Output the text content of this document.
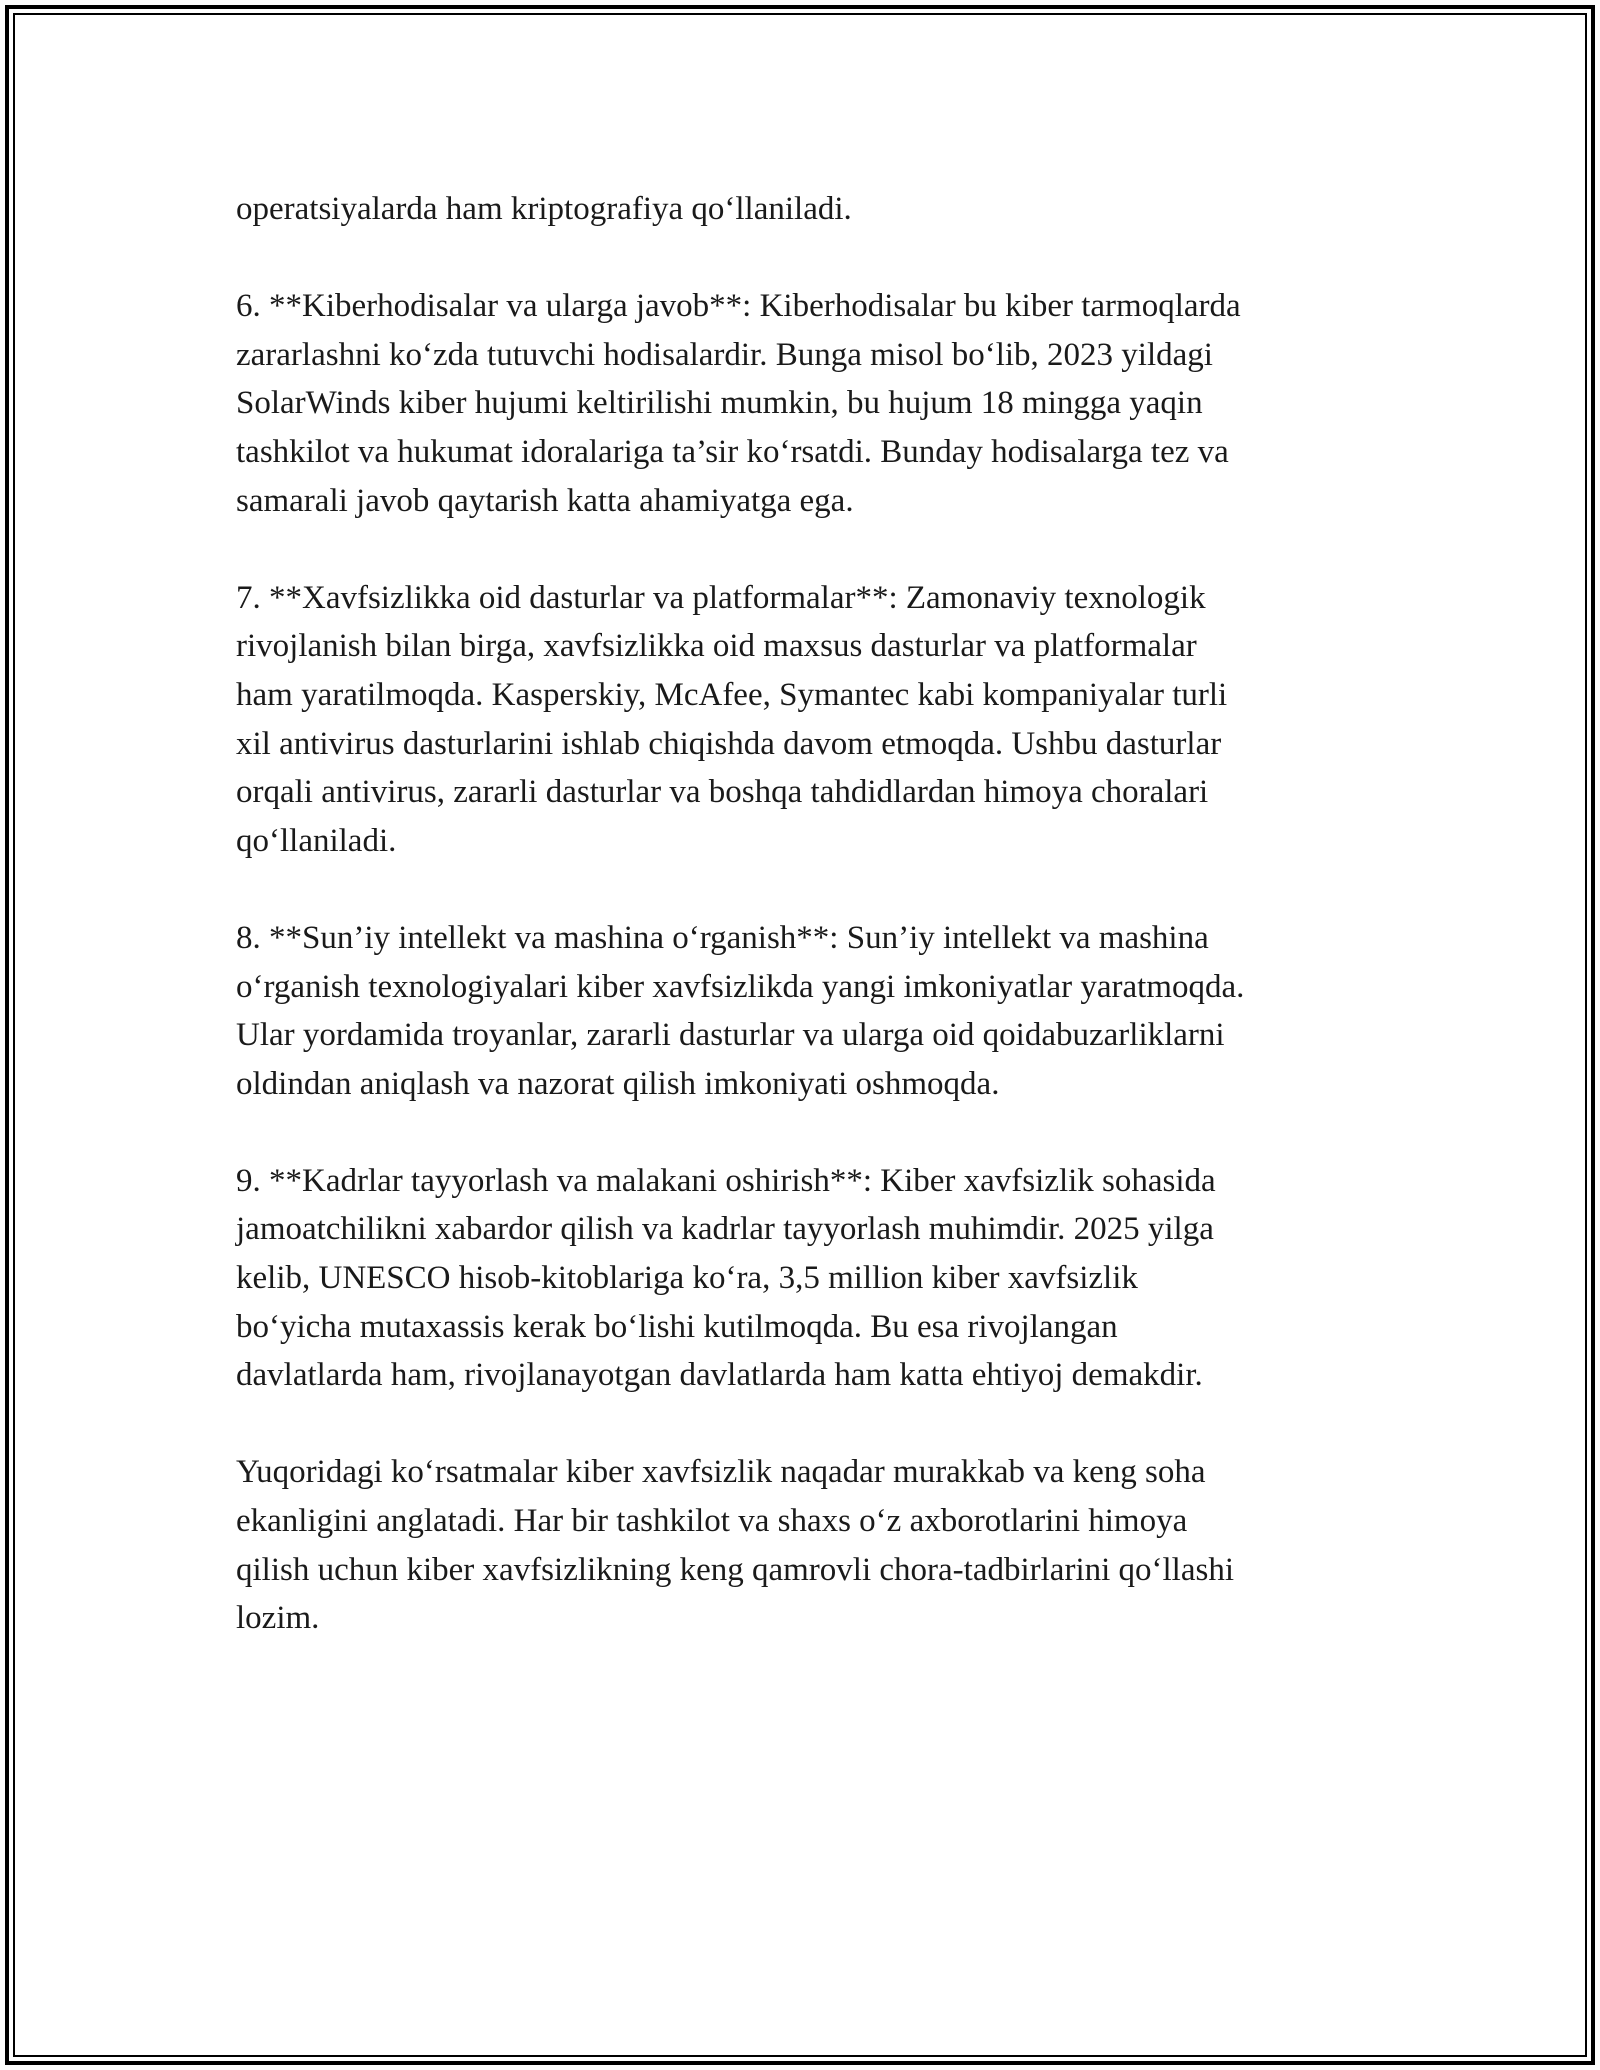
operatsiyalarda ham kriptografiya qo‘llaniladi.

6. **Kiberhodisalar va ularga javob**: Kiberhodisalar bu kiber tarmoqlarda
zararlashni ko‘zda tutuvchi hodisalardir. Bunga misol bo‘lib, 2023 yildagi
SolarWinds kiber hujumi keltirilishi mumkin, bu hujum 18 mingga yaqin
tashkilot va hukumat idoralariga ta’sir ko‘rsatdi. Bunday hodisalarga tez va
samarali javob qaytarish katta ahamiyatga ega.

7. **Xavfsizlikka oid dasturlar va platformalar**: Zamonaviy texnologik
rivojlanish bilan birga, xavfsizlikka oid maxsus dasturlar va platformalar
ham yaratilmoqda. Kasperskiy, McAfee, Symantec kabi kompaniyalar turli
xil antivirus dasturlarini ishlab chiqishda davom etmoqda. Ushbu dasturlar
orqali antivirus, zararli dasturlar va boshqa tahdidlardan himoya choralari
qo‘llaniladi.

8. **Sun’iy intellekt va mashina o‘rganish**: Sun’iy intellekt va mashina
o‘rganish texnologiyalari kiber xavfsizlikda yangi imkoniyatlar yaratmoqda.
Ular yordamida troyanlar, zararli dasturlar va ularga oid qoidabuzarliklarni
oldindan aniqlash va nazorat qilish imkoniyati oshmoqda.

9. **Kadrlar tayyorlash va malakani oshirish**: Kiber xavfsizlik sohasida
jamoatchilikni xabardor qilish va kadrlar tayyorlash muhimdir. 2025 yilga
kelib, UNESCO hisob-kitoblariga ko‘ra, 3,5 million kiber xavfsizlik
bo‘yicha mutaxassis kerak bo‘lishi kutilmoqda. Bu esa rivojlangan
davlatlarda ham, rivojlanayotgan davlatlarda ham katta ehtiyoj demakdir.

Yuqoridagi ko‘rsatmalar kiber xavfsizlik naqadar murakkab va keng soha
ekanligini anglatadi. Har bir tashkilot va shaxs o‘z axborotlarini himoya
qilish uchun kiber xavfsizlikning keng qamrovli chora-tadbirlarini qo‘llashi
lozim.
